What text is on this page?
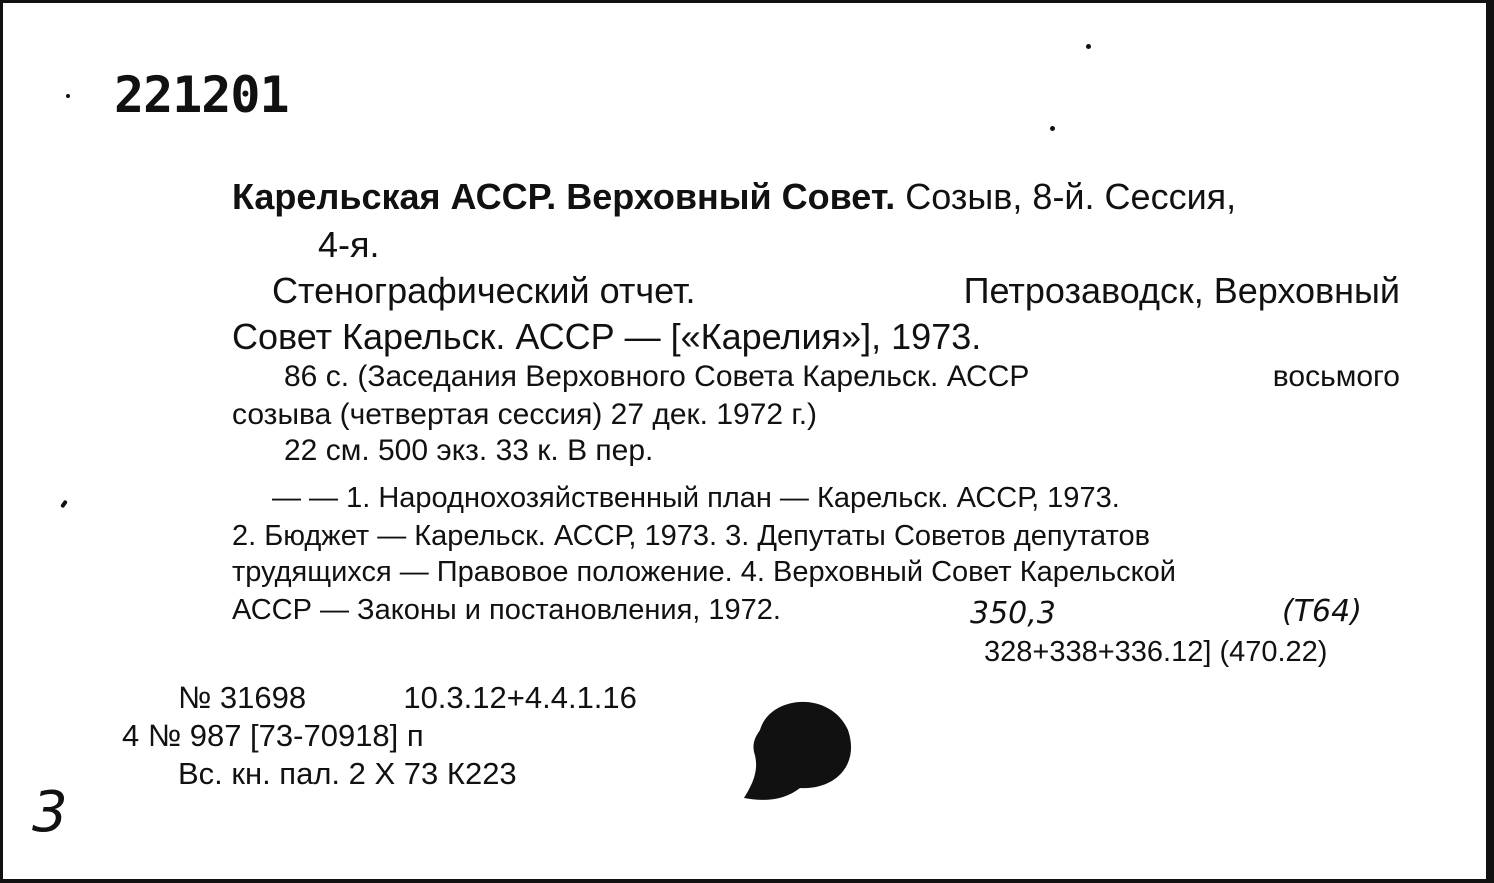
221201
Карельская АССР. Верховный Совет. Созыв, 8-й. Сессия,
4-я.
Стенографический отчет.	Петрозаводск, Верховный
Совет Карельск. АССР — [«Карелия»], 1973.
86 с. (Заседания Верховного Совета Карельск. АССР	восьмого
созыва (четвертая сессия) 27 дек. 1972 г.)
22 см. 500 экз. 33 к. В пер.
— — 1. Народнохозяйственный план — Карельск. АССР, 1973.
2. Бюджет — Карельск. АССР, 1973. 3. Депутаты Советов депутатов
трудящихся — Правовое положение. 4. Верховный Совет Карельской
АССР — Законы и постановления, 1972.	350,3	(Т64)
328+338+336.12] (470.22)
№ 31698	10.3.12+4.4.1.16
4 № 987 [73-70918] п
Вс. кн. пал. 2 X 73 К223
3
